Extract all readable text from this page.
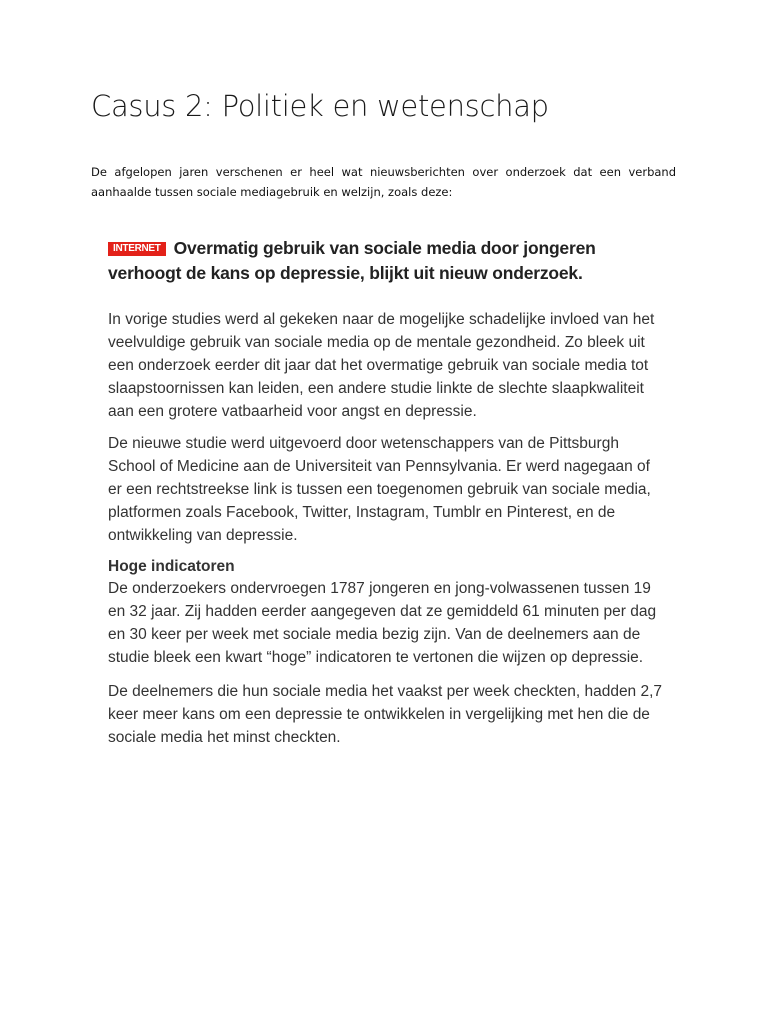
Casus 2: Politiek en wetenschap

De afgelopen jaren verschenen er heel wat nieuwsberichten over onderzoek dat een verband aanhaalde tussen sociale mediagebruik en welzijn, zoals deze:

INTERNET Overmatig gebruik van sociale media door jongeren verhoogt de kans op depressie, blijkt uit nieuw onderzoek.

In vorige studies werd al gekeken naar de mogelijke schadelijke invloed van het veelvuldige gebruik van sociale media op de mentale gezondheid. Zo bleek uit een onderzoek eerder dit jaar dat het overmatige gebruik van sociale media tot slaapstoornissen kan leiden, een andere studie linkte de slechte slaapkwaliteit aan een grotere vatbaarheid voor angst en depressie.

De nieuwe studie werd uitgevoerd door wetenschappers van de Pittsburgh School of Medicine aan de Universiteit van Pennsylvania. Er werd nagegaan of er een rechtstreekse link is tussen een toegenomen gebruik van sociale media, platformen zoals Facebook, Twitter, Instagram, Tumblr en Pinterest, en de ontwikkeling van depressie.

Hoge indicatoren

De onderzoekers ondervroegen 1787 jongeren en jong-volwassenen tussen 19 en 32 jaar. Zij hadden eerder aangegeven dat ze gemiddeld 61 minuten per dag en 30 keer per week met sociale media bezig zijn. Van de deelnemers aan de studie bleek een kwart “hoge” indicatoren te vertonen die wijzen op depressie.

De deelnemers die hun sociale media het vaakst per week checkten, hadden 2,7 keer meer kans om een depressie te ontwikkelen in vergelijking met hen die de sociale media het minst checkten.
